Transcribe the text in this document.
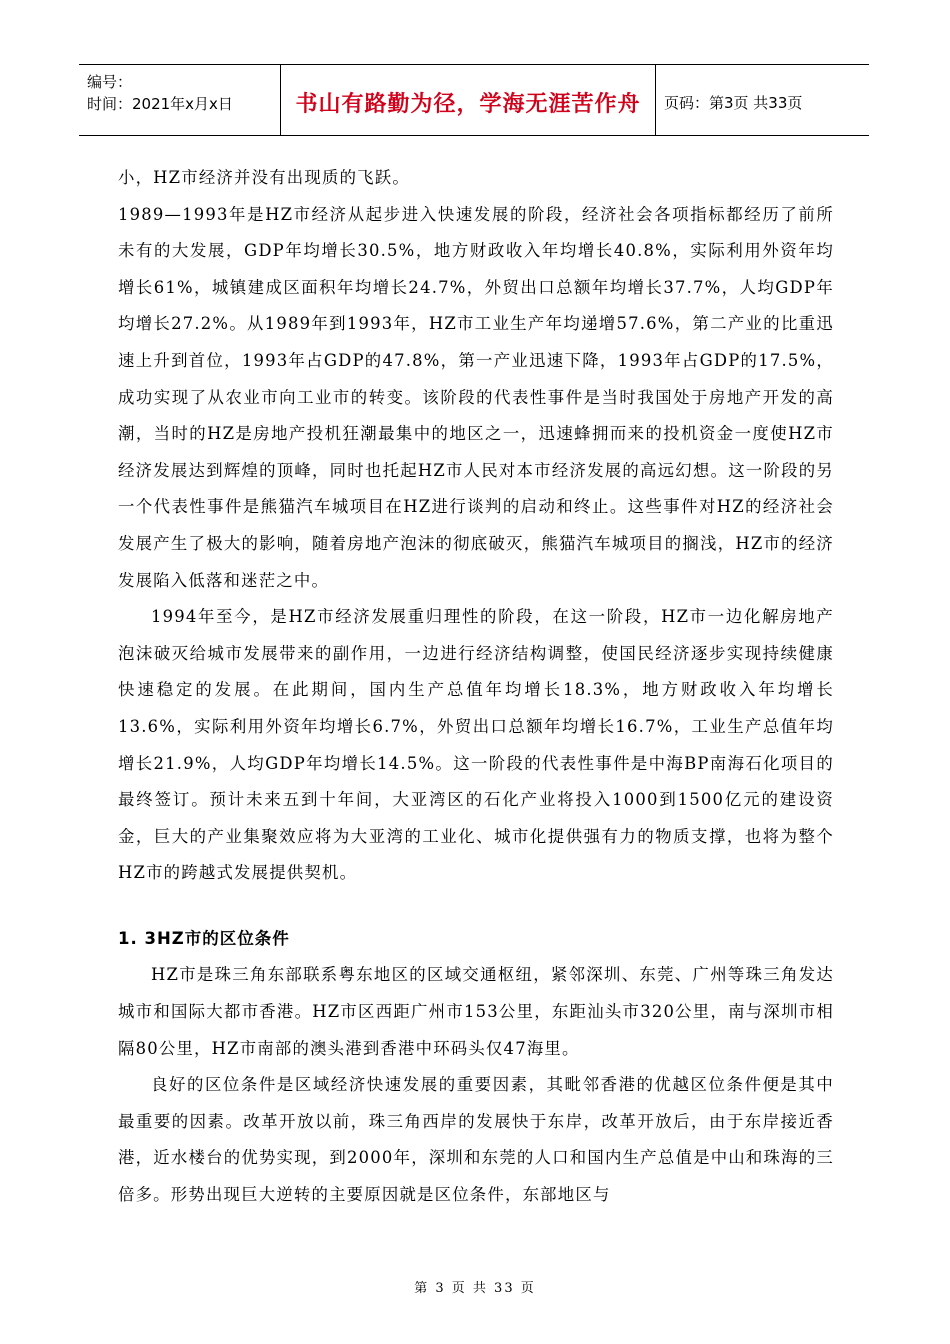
编号：
时间：2021年x月x日	书山有路勤为径，学海无涯苦作舟	页码：第3页 共33页

小，HZ市经济并没有出现质的飞跃。

1989—1993年是HZ市经济从起步进入快速发展的阶段，经济社会各项指标都经历了前所未有的大发展，GDP年均增长30.5%，地方财政收入年均增长40.8%，实际利用外资年均增长61%，城镇建成区面积年均增长24.7%，外贸出口总额年均增长37.7%，人均GDP年均增长27.2%。从1989年到1993年，HZ市工业生产年均递增57.6%，第二产业的比重迅速上升到首位，1993年占GDP的47.8%，第一产业迅速下降，1993年占GDP的17.5%，成功实现了从农业市向工业市的转变。该阶段的代表性事件是当时我国处于房地产开发的高潮，当时的HZ是房地产投机狂潮最集中的地区之一，迅速蜂拥而来的投机资金一度使HZ市经济发展达到辉煌的顶峰，同时也托起HZ市人民对本市经济发展的高远幻想。这一阶段的另一个代表性事件是熊猫汽车城项目在HZ进行谈判的启动和终止。这些事件对HZ的经济社会发展产生了极大的影响，随着房地产泡沫的彻底破灭，熊猫汽车城项目的搁浅，HZ市的经济发展陷入低落和迷茫之中。

1994年至今，是HZ市经济发展重归理性的阶段，在这一阶段，HZ市一边化解房地产泡沫破灭给城市发展带来的副作用，一边进行经济结构调整，使国民经济逐步实现持续健康快速稳定的发展。在此期间，国内生产总值年均增长18.3%，地方财政收入年均增长13.6%，实际利用外资年均增长6.7%，外贸出口总额年均增长16.7%，工业生产总值年均增长21.9%，人均GDP年均增长14.5%。这一阶段的代表性事件是中海BP南海石化项目的最终签订。预计未来五到十年间，大亚湾区的石化产业将投入1000到1500亿元的建设资金，巨大的产业集聚效应将为大亚湾的工业化、城市化提供强有力的物质支撑，也将为整个HZ市的跨越式发展提供契机。

1. 3HZ市的区位条件

HZ市是珠三角东部联系粤东地区的区域交通枢纽，紧邻深圳、东莞、广州等珠三角发达城市和国际大都市香港。HZ市区西距广州市153公里，东距汕头市320公里，南与深圳市相隔80公里，HZ市南部的澳头港到香港中环码头仅47海里。

良好的区位条件是区域经济快速发展的重要因素，其毗邻香港的优越区位条件便是其中最重要的因素。改革开放以前，珠三角西岸的发展快于东岸，改革开放后，由于东岸接近香港，近水楼台的优势实现，到2000年，深圳和东莞的人口和国内生产总值是中山和珠海的三倍多。形势出现巨大逆转的主要原因就是区位条件，东部地区与

第 3 页 共 33 页
